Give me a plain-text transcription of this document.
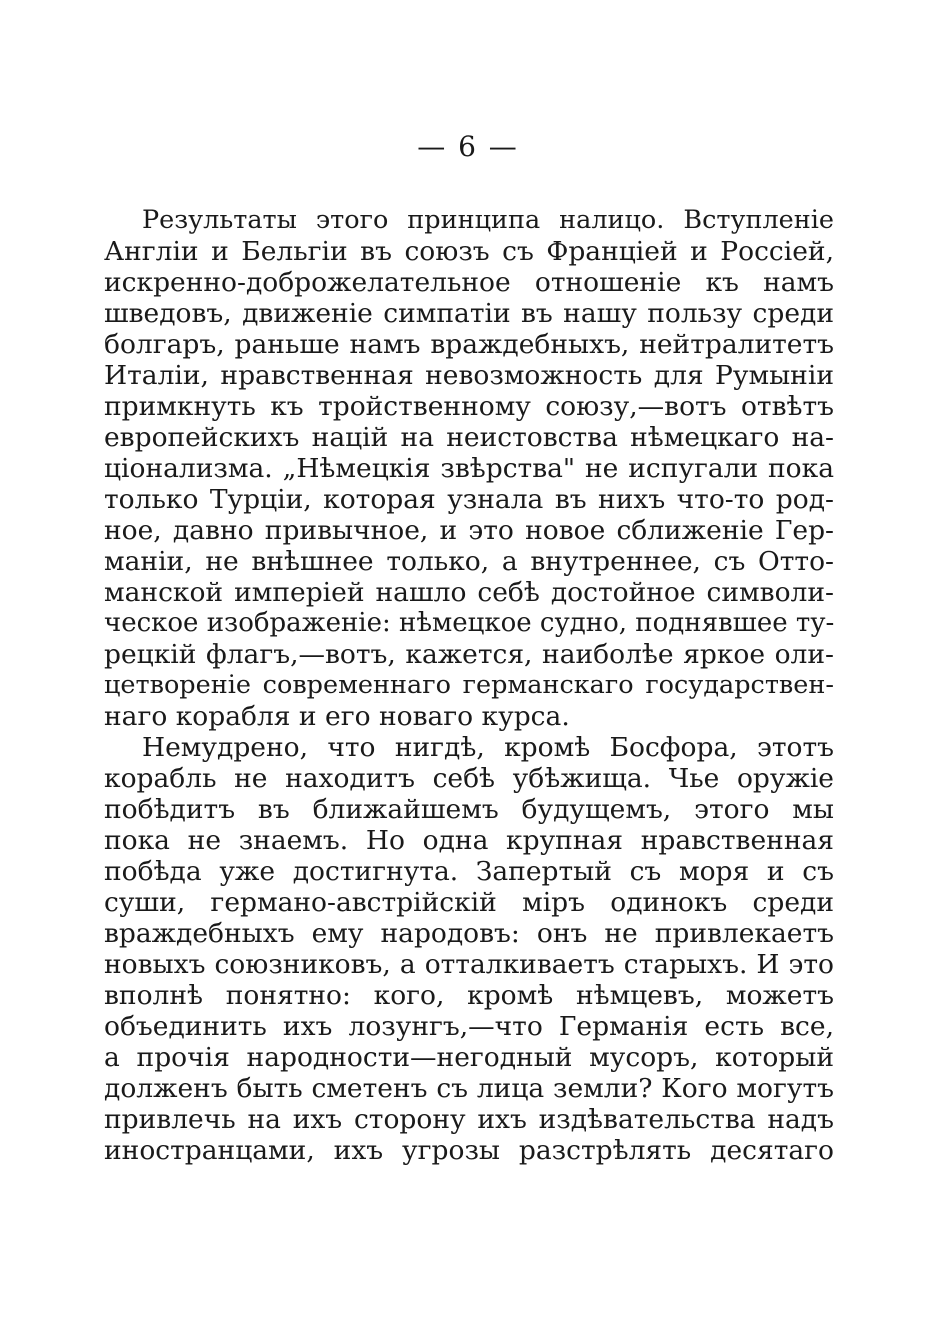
— 6 —
Результаты этого принципа налицо. Вступленіе
Англіи и Бельгіи въ союзъ съ Франціей и Россіей,
искренно-доброжелательное отношеніе къ намъ
шведовъ, движеніе симпатіи въ нашу пользу среди
болгаръ, раньше намъ враждебныхъ, нейтралитетъ
Италіи, нравственная невозможность для Румыніи
примкнуть къ тройственному союзу,—вотъ отвѣтъ
европейскихъ націй на неистовства нѣмецкаго на-
ціонализма. „Нѣмецкія звѣрства" не испугали пока
только Турціи, которая узнала въ нихъ что-то род-
ное, давно привычное, и это новое сближеніе Гер-
маніи, не внѣшнее только, а внутреннее, съ Отто-
манской имперіей нашло себѣ достойное символи-
ческое изображеніе: нѣмецкое судно, поднявшее ту-
рецкій флагъ,—вотъ, кажется, наиболѣе яркое оли-
цетвореніе современнаго германскаго государствен-
наго корабля и его новаго курса.
Немудрено, что нигдѣ, кромѣ Босфора, этотъ
корабль не находитъ себѣ убѣжища. Чье оружіе
побѣдитъ въ ближайшемъ будущемъ, этого мы
пока не знаемъ. Но одна крупная нравственная
побѣда уже достигнута. Запертый съ моря и съ
суши, германо-австрійскій міръ одинокъ среди
враждебныхъ ему народовъ: онъ не привлекаетъ
новыхъ союзниковъ, а отталкиваетъ старыхъ. И это
вполнѣ понятно: кого, кромѣ нѣмцевъ, можетъ
объединить ихъ лозунгъ,—что Германія есть все,
а прочія народности—негодный мусоръ, который
долженъ быть сметенъ съ лица земли? Кого могутъ
привлечь на ихъ сторону ихъ издѣвательства надъ
иностранцами, ихъ угрозы разстрѣлять десятаго
